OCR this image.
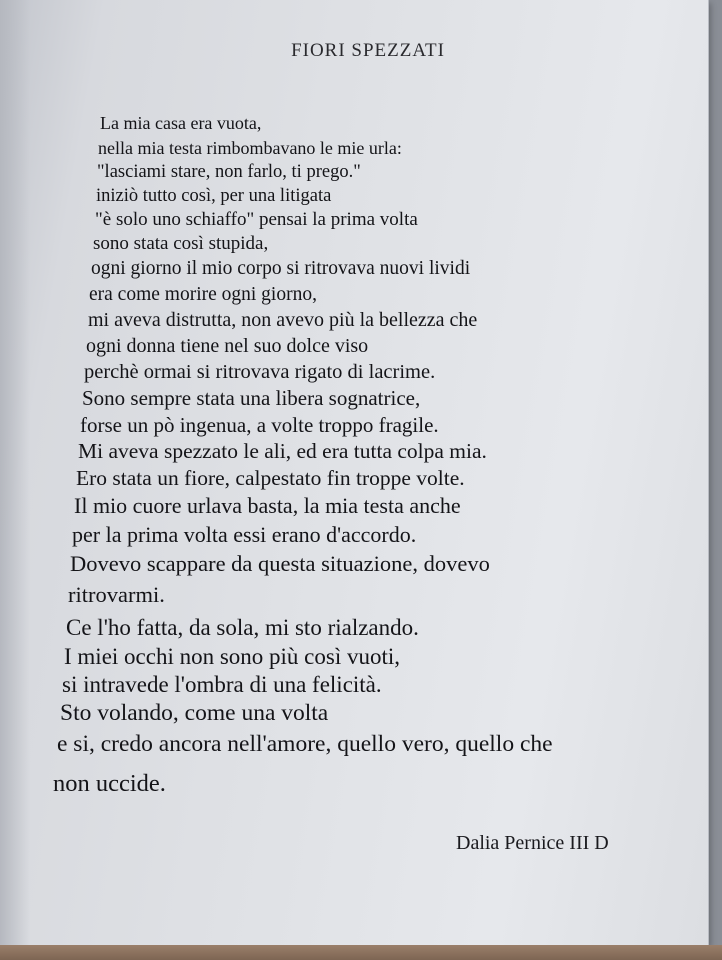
FIORI SPEZZATI
La mia casa era vuota,
nella mia testa rimbombavano le mie urla:
"lasciami stare, non farlo, ti prego."
iniziò tutto così, per una litigata
"è solo uno schiaffo" pensai la prima volta
sono stata così stupida,
ogni giorno il mio corpo si ritrovava nuovi lividi
era come morire ogni giorno,
mi aveva distrutta, non avevo più la bellezza che
ogni donna tiene nel suo dolce viso
perchè ormai si ritrovava rigato di lacrime.
Sono sempre stata una libera sognatrice,
forse un pò ingenua, a volte troppo fragile.
Mi aveva spezzato le ali, ed era tutta colpa mia.
Ero stata un fiore, calpestato fin troppe volte.
Il mio cuore urlava basta, la mia testa anche
per la prima volta essi erano d'accordo.
Dovevo scappare da questa situazione, dovevo
ritrovarmi.
Ce l'ho fatta, da sola, mi sto rialzando.
I miei occhi non sono più così vuoti,
si intravede l'ombra di una felicità.
Sto volando, come una volta
e si, credo ancora nell'amore, quello vero, quello che
non uccide.
Dalia Pernice III D
